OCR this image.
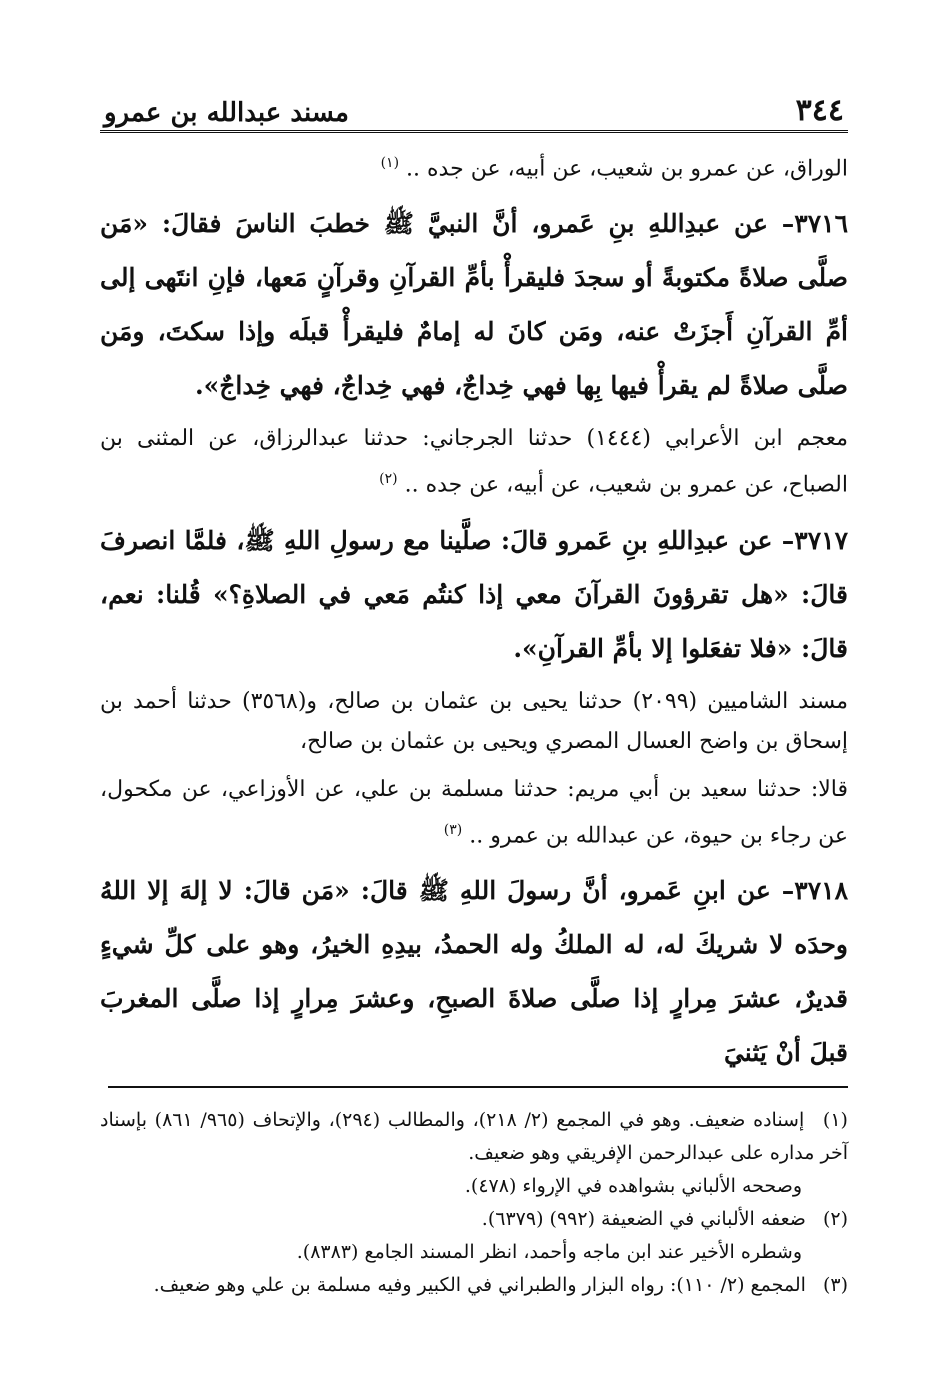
٣٤٤
مسند عبدالله بن عمرو

الوراق، عن عمرو بن شعيب، عن أبيه، عن جده .. $^{(١)}$

٣٧١٦– عن عبدِاللهِ بنِ عَمرو، أنَّ النبيَّ ﷺ خطبَ الناسَ فقالَ: «مَن صلَّى صلاةً مكتوبةً أو سجدَ فليقرأْ بأمِّ القرآنِ وقرآنٍ مَعها، فإنِ انتَهى إلى أمِّ القرآنِ أَجزَتْ عنه، ومَن كانَ له إمامٌ فليقرأْ قبلَه وإذا سكتَ، ومَن صلَّى صلاةً لم يقرأْ فيها بِها فهي خِداجٌ، فهي خِداجٌ، فهي خِداجٌ».

معجم ابن الأعرابي (١٤٤٤) حدثنا الجرجاني: حدثنا عبدالرزاق، عن المثنى بن الصباح، عن عمرو بن شعيب، عن أبيه، عن جده .. $^{(٢)}$

٣٧١٧– عن عبدِاللهِ بنِ عَمرو قالَ: صلَّينا مع رسولِ اللهِ ﷺ، فلمَّا انصرفَ قالَ: «هل تقرؤونَ القرآنَ معي إذا كنتُم مَعي في الصلاةِ؟» قُلنا: نعم، قالَ: «فلا تفعَلوا إلا بأمِّ القرآنِ».

مسند الشاميين (٢٠٩٩) حدثنا يحيى بن عثمان بن صالح، و(٣٥٦٨) حدثنا أحمد بن إسحاق بن واضح العسال المصري ويحيى بن عثمان بن صالح،

قالا: حدثنا سعيد بن أبي مريم: حدثنا مسلمة بن علي، عن الأوزاعي، عن مكحول، عن رجاء بن حيوة، عن عبدالله بن عمرو .. $^{(٣)}$

٣٧١٨– عن ابنِ عَمرو، أنَّ رسولَ اللهِ ﷺ قالَ: «مَن قالَ: لا إلهَ إلا اللهُ وحدَه لا شريكَ له، له الملكُ وله الحمدُ، بيدِهِ الخيرُ، وهو على كلِّ شيءٍ قديرٌ، عشرَ مِرارٍ إذا صلَّى صلاةَ الصبحِ، وعشرَ مِرارٍ إذا صلَّى المغربَ قبلَ أنْ يَثنيَ

(١) إسناده ضعيف. وهو في المجمع (٢/ ٢١٨)، والمطالب (٢٩٤)، والإتحاف (٩٦٥/ ٨٦١) بإسناد آخر مداره على عبدالرحمن الإفريقي وهو ضعيف.

وصححه الألباني بشواهده في الإرواء (٤٧٨).

(٢) ضعفه الألباني في الضعيفة (٩٩٢) (٦٣٧٩).

وشطره الأخير عند ابن ماجه وأحمد، انظر المسند الجامع (٨٣٨٣).

(٣) المجمع (٢/ ١١٠): رواه البزار والطبراني في الكبير وفيه مسلمة بن علي وهو ضعيف.
